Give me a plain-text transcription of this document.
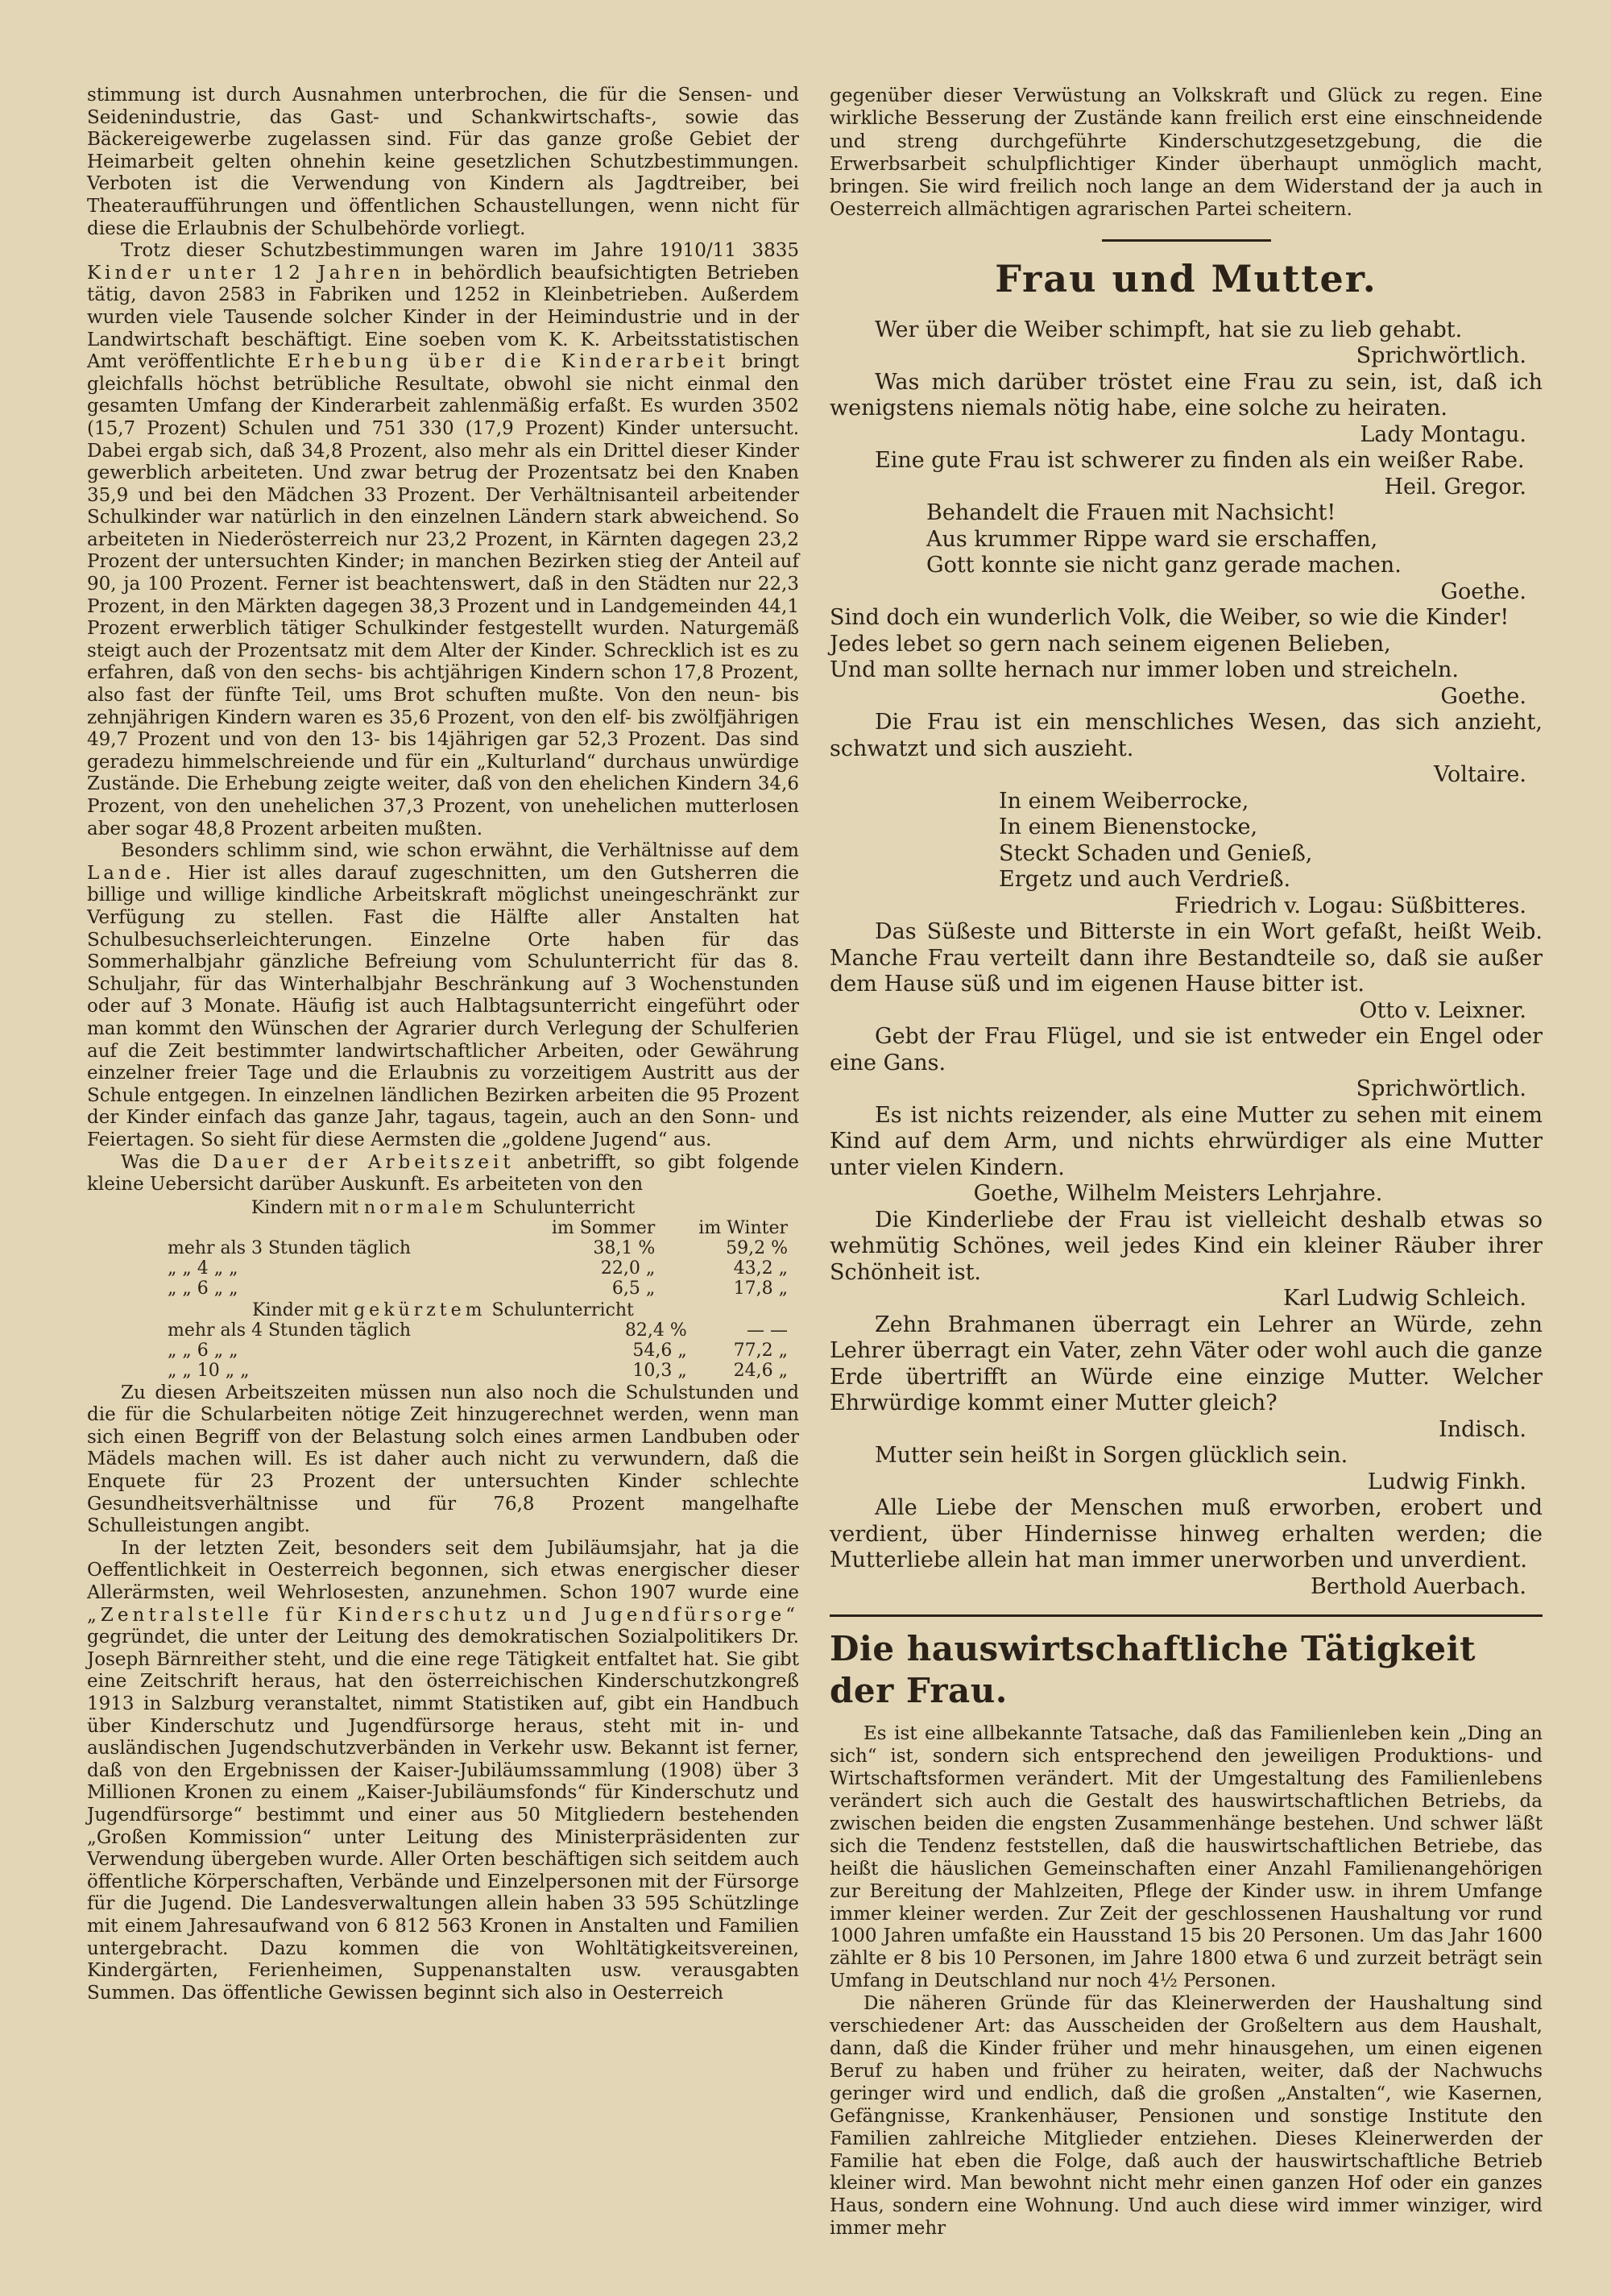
stimmung ist durch Ausnahmen unterbrochen, die für die Sensen- und Seidenindustrie, das Gast- und Schankwirtschafts-, sowie das Bäckereigewerbe zugelassen sind. Für das ganze große Gebiet der Heimarbeit gelten ohnehin keine gesetzlichen Schutzbestimmungen. Verboten ist die Verwendung von Kindern als Jagdtreiber, bei Theateraufführungen und öffentlichen Schaustellungen, wenn nicht für diese die Erlaubnis der Schulbehörde vorliegt.

Trotz dieser Schutzbestimmungen waren im Jahre 1910/11 3835 Kinder unter 12 Jahren in behördlich beaufsichtigten Betrieben tätig, davon 2583 in Fabriken und 1252 in Kleinbetrieben. Außerdem wurden viele Tausende solcher Kinder in der Heimindustrie und in der Landwirtschaft beschäftigt. Eine soeben vom K. K. Arbeitsstatistischen Amt veröffentlichte Erhebung über die Kinderarbeit bringt gleichfalls höchst betrübliche Resultate, obwohl sie nicht einmal den gesamten Umfang der Kinderarbeit zahlenmäßig erfaßt. Es wurden 3502 (15,7 Prozent) Schulen und 751 330 (17,9 Prozent) Kinder untersucht. Dabei ergab sich, daß 34,8 Prozent, also mehr als ein Drittel dieser Kinder gewerblich arbeiteten. Und zwar betrug der Prozentsatz bei den Knaben 35,9 und bei den Mädchen 33 Prozent. Der Verhältnisanteil arbeitender Schulkinder war natürlich in den einzelnen Ländern stark abweichend. So arbeiteten in Niederösterreich nur 23,2 Prozent, in Kärnten dagegen 23,2 Prozent der untersuchten Kinder; in manchen Bezirken stieg der Anteil auf 90, ja 100 Prozent. Ferner ist beachtenswert, daß in den Städten nur 22,3 Prozent, in den Märkten dagegen 38,3 Prozent und in Landgemeinden 44,1 Prozent erwerblich tätiger Schulkinder festgestellt wurden. Naturgemäß steigt auch der Prozentsatz mit dem Alter der Kinder. Schrecklich ist es zu erfahren, daß von den sechs- bis achtjährigen Kindern schon 17,8 Prozent, also fast der fünfte Teil, ums Brot schuften mußte. Von den neun- bis zehnjährigen Kindern waren es 35,6 Prozent, von den elf- bis zwölfjährigen 49,7 Prozent und von den 13- bis 14jährigen gar 52,3 Prozent. Das sind geradezu himmelschreiende und für ein „Kulturland“ durchaus unwürdige Zustände. Die Erhebung zeigte weiter, daß von den ehelichen Kindern 34,6 Prozent, von den unehelichen 37,3 Prozent, von unehelichen mutterlosen aber sogar 48,8 Prozent arbeiten mußten.

Besonders schlimm sind, wie schon erwähnt, die Verhältnisse auf dem Lande. Hier ist alles darauf zugeschnitten, um den Gutsherren die billige und willige kindliche Arbeitskraft möglichst uneingeschränkt zur Verfügung zu stellen. Fast die Hälfte aller Anstalten hat Schulbesuchserleichterungen. Einzelne Orte haben für das Sommerhalbjahr gänzliche Befreiung vom Schulunterricht für das 8. Schuljahr, für das Winterhalbjahr Beschränkung auf 3 Wochenstunden oder auf 3 Monate. Häufig ist auch Halbtagsunterricht eingeführt oder man kommt den Wünschen der Agrarier durch Verlegung der Schulferien auf die Zeit bestimmter landwirtschaftlicher Arbeiten, oder Gewährung einzelner freier Tage und die Erlaubnis zu vorzeitigem Austritt aus der Schule entgegen. In einzelnen ländlichen Bezirken arbeiten die 95 Prozent der Kinder einfach das ganze Jahr, tagaus, tagein, auch an den Sonn- und Feiertagen. So sieht für diese Aermsten die „goldene Jugend“ aus.

Was die Dauer der Arbeitszeit anbetrifft, so gibt folgende kleine Uebersicht darüber Auskunft. Es arbeiteten von den

Kindern mit normalem Schulunterricht		
	im Sommer	im Winter
mehr als 3 Stunden täglich	38,1 %	59,2 %
„ „ 4 „ „	22,0 „	43,2 „
„ „ 6 „ „	6,5 „	17,8 „
Kinder mit gekürztem Schulunterricht		
mehr als 4 Stunden täglich	82,4 %	— —
„ „ 6 „ „	54,6 „	77,2 „
„ „ 10 „ „	10,3 „	24,6 „

Zu diesen Arbeitszeiten müssen nun also noch die Schulstunden und die für die Schularbeiten nötige Zeit hinzugerechnet werden, wenn man sich einen Begriff von der Belastung solch eines armen Landbuben oder Mädels machen will. Es ist daher auch nicht zu verwundern, daß die Enquete für 23 Prozent der untersuchten Kinder schlechte Gesundheitsverhältnisse und für 76,8 Prozent mangelhafte Schulleistungen angibt.

In der letzten Zeit, besonders seit dem Jubiläumsjahr, hat ja die Oeffentlichkeit in Oesterreich begonnen, sich etwas energischer dieser Allerärmsten, weil Wehrlosesten, anzunehmen. Schon 1907 wurde eine „Zentralstelle für Kinderschutz und Jugendfürsorge“ gegründet, die unter der Leitung des demokratischen Sozialpolitikers Dr. Joseph Bärnreither steht, und die eine rege Tätigkeit entfaltet hat. Sie gibt eine Zeitschrift heraus, hat den österreichischen Kinderschutzkongreß 1913 in Salzburg veranstaltet, nimmt Statistiken auf, gibt ein Handbuch über Kinderschutz und Jugendfürsorge heraus, steht mit in- und ausländischen Jugendschutzverbänden in Verkehr usw. Bekannt ist ferner, daß von den Ergebnissen der Kaiser-Jubiläumssammlung (1908) über 3 Millionen Kronen zu einem „Kaiser-Jubiläumsfonds“ für Kinderschutz und Jugendfürsorge“ bestimmt und einer aus 50 Mitgliedern bestehenden „Großen Kommission“ unter Leitung des Ministerpräsidenten zur Verwendung übergeben wurde. Aller Orten beschäftigen sich seitdem auch öffentliche Körperschaften, Verbände und Einzelpersonen mit der Fürsorge für die Jugend. Die Landesverwaltungen allein haben 33 595 Schützlinge mit einem Jahresaufwand von 6 812 563 Kronen in Anstalten und Familien untergebracht. Dazu kommen die von Wohltätigkeitsvereinen, Kindergärten, Ferienheimen, Suppenanstalten usw. verausgabten Summen. Das öffentliche Gewissen beginnt sich also in Oesterreich

gegenüber dieser Verwüstung an Volkskraft und Glück zu regen. Eine wirkliche Besserung der Zustände kann freilich erst eine einschneidende und streng durchgeführte Kinderschutzgesetzgebung, die die Erwerbsarbeit schulpflichtiger Kinder überhaupt unmöglich macht, bringen. Sie wird freilich noch lange an dem Widerstand der ja auch in Oesterreich allmächtigen agrarischen Partei scheitern.

Frau und Mutter.

Wer über die Weiber schimpft, hat sie zu lieb gehabt.

Sprichwörtlich.

Was mich darüber tröstet eine Frau zu sein, ist, daß ich wenigstens niemals nötig habe, eine solche zu heiraten.

Lady Montagu.

Eine gute Frau ist schwerer zu finden als ein weißer Rabe.

Heil. Gregor.
Behandelt die Frauen mit Nachsicht!
Aus krummer Rippe ward sie erschaffen,
Gott konnte sie nicht ganz gerade machen.
Goethe.
Sind doch ein wunderlich Volk, die Weiber, so wie die Kinder!
Jedes lebet so gern nach seinem eigenen Belieben,
Und man sollte hernach nur immer loben und streicheln.
Goethe.

Die Frau ist ein menschliches Wesen, das sich anzieht, schwatzt und sich auszieht.

Voltaire.
In einem Weiberrocke,
In einem Bienenstocke,
Steckt Schaden und Genieß,
Ergetz und auch Verdrieß.
Friedrich v. Logau: Süßbitteres.

Das Süßeste und Bitterste in ein Wort gefaßt, heißt Weib. Manche Frau verteilt dann ihre Bestandteile so, daß sie außer dem Hause süß und im eigenen Hause bitter ist.

Otto v. Leixner.

Gebt der Frau Flügel, und sie ist entweder ein Engel oder eine Gans.

Sprichwörtlich.

Es ist nichts reizender, als eine Mutter zu sehen mit einem Kind auf dem Arm, und nichts ehrwürdiger als eine Mutter unter vielen Kindern.

Goethe, Wilhelm Meisters Lehrjahre.

Die Kinderliebe der Frau ist vielleicht deshalb etwas so wehmütig Schönes, weil jedes Kind ein kleiner Räuber ihrer Schönheit ist.

Karl Ludwig Schleich.

Zehn Brahmanen überragt ein Lehrer an Würde, zehn Lehrer überragt ein Vater, zehn Väter oder wohl auch die ganze Erde übertrifft an Würde eine einzige Mutter. Welcher Ehrwürdige kommt einer Mutter gleich?

Indisch.

Mutter sein heißt in Sorgen glücklich sein.

Ludwig Finkh.

Alle Liebe der Menschen muß erworben, erobert und verdient, über Hindernisse hinweg erhalten werden; die Mutterliebe allein hat man immer unerworben und unverdient.

Berthold Auerbach.
Die hauswirtschaftliche Tätigkeit der Frau.

Es ist eine allbekannte Tatsache, daß das Familienleben kein „Ding an sich“ ist, sondern sich entsprechend den jeweiligen Produktions- und Wirtschaftsformen verändert. Mit der Umgestaltung des Familienlebens verändert sich auch die Gestalt des hauswirtschaftlichen Betriebs, da zwischen beiden die engsten Zusammenhänge bestehen. Und schwer läßt sich die Tendenz feststellen, daß die hauswirtschaftlichen Betriebe, das heißt die häuslichen Gemeinschaften einer Anzahl Familienangehörigen zur Bereitung der Mahlzeiten, Pflege der Kinder usw. in ihrem Umfange immer kleiner werden. Zur Zeit der geschlossenen Haushaltung vor rund 1000 Jahren umfaßte ein Hausstand 15 bis 20 Personen. Um das Jahr 1600 zählte er 8 bis 10 Personen, im Jahre 1800 etwa 6 und zurzeit beträgt sein Umfang in Deutschland nur noch 4½ Personen.

Die näheren Gründe für das Kleinerwerden der Haushaltung sind verschiedener Art: das Ausscheiden der Großeltern aus dem Haushalt, dann, daß die Kinder früher und mehr hinausgehen, um einen eigenen Beruf zu haben und früher zu heiraten, weiter, daß der Nachwuchs geringer wird und endlich, daß die großen „Anstalten“, wie Kasernen, Gefängnisse, Krankenhäuser, Pensionen und sonstige Institute den Familien zahlreiche Mitglieder entziehen. Dieses Kleinerwerden der Familie hat eben die Folge, daß auch der hauswirtschaftliche Betrieb kleiner wird. Man bewohnt nicht mehr einen ganzen Hof oder ein ganzes Haus, sondern eine Wohnung. Und auch diese wird immer winziger, wird immer mehr
